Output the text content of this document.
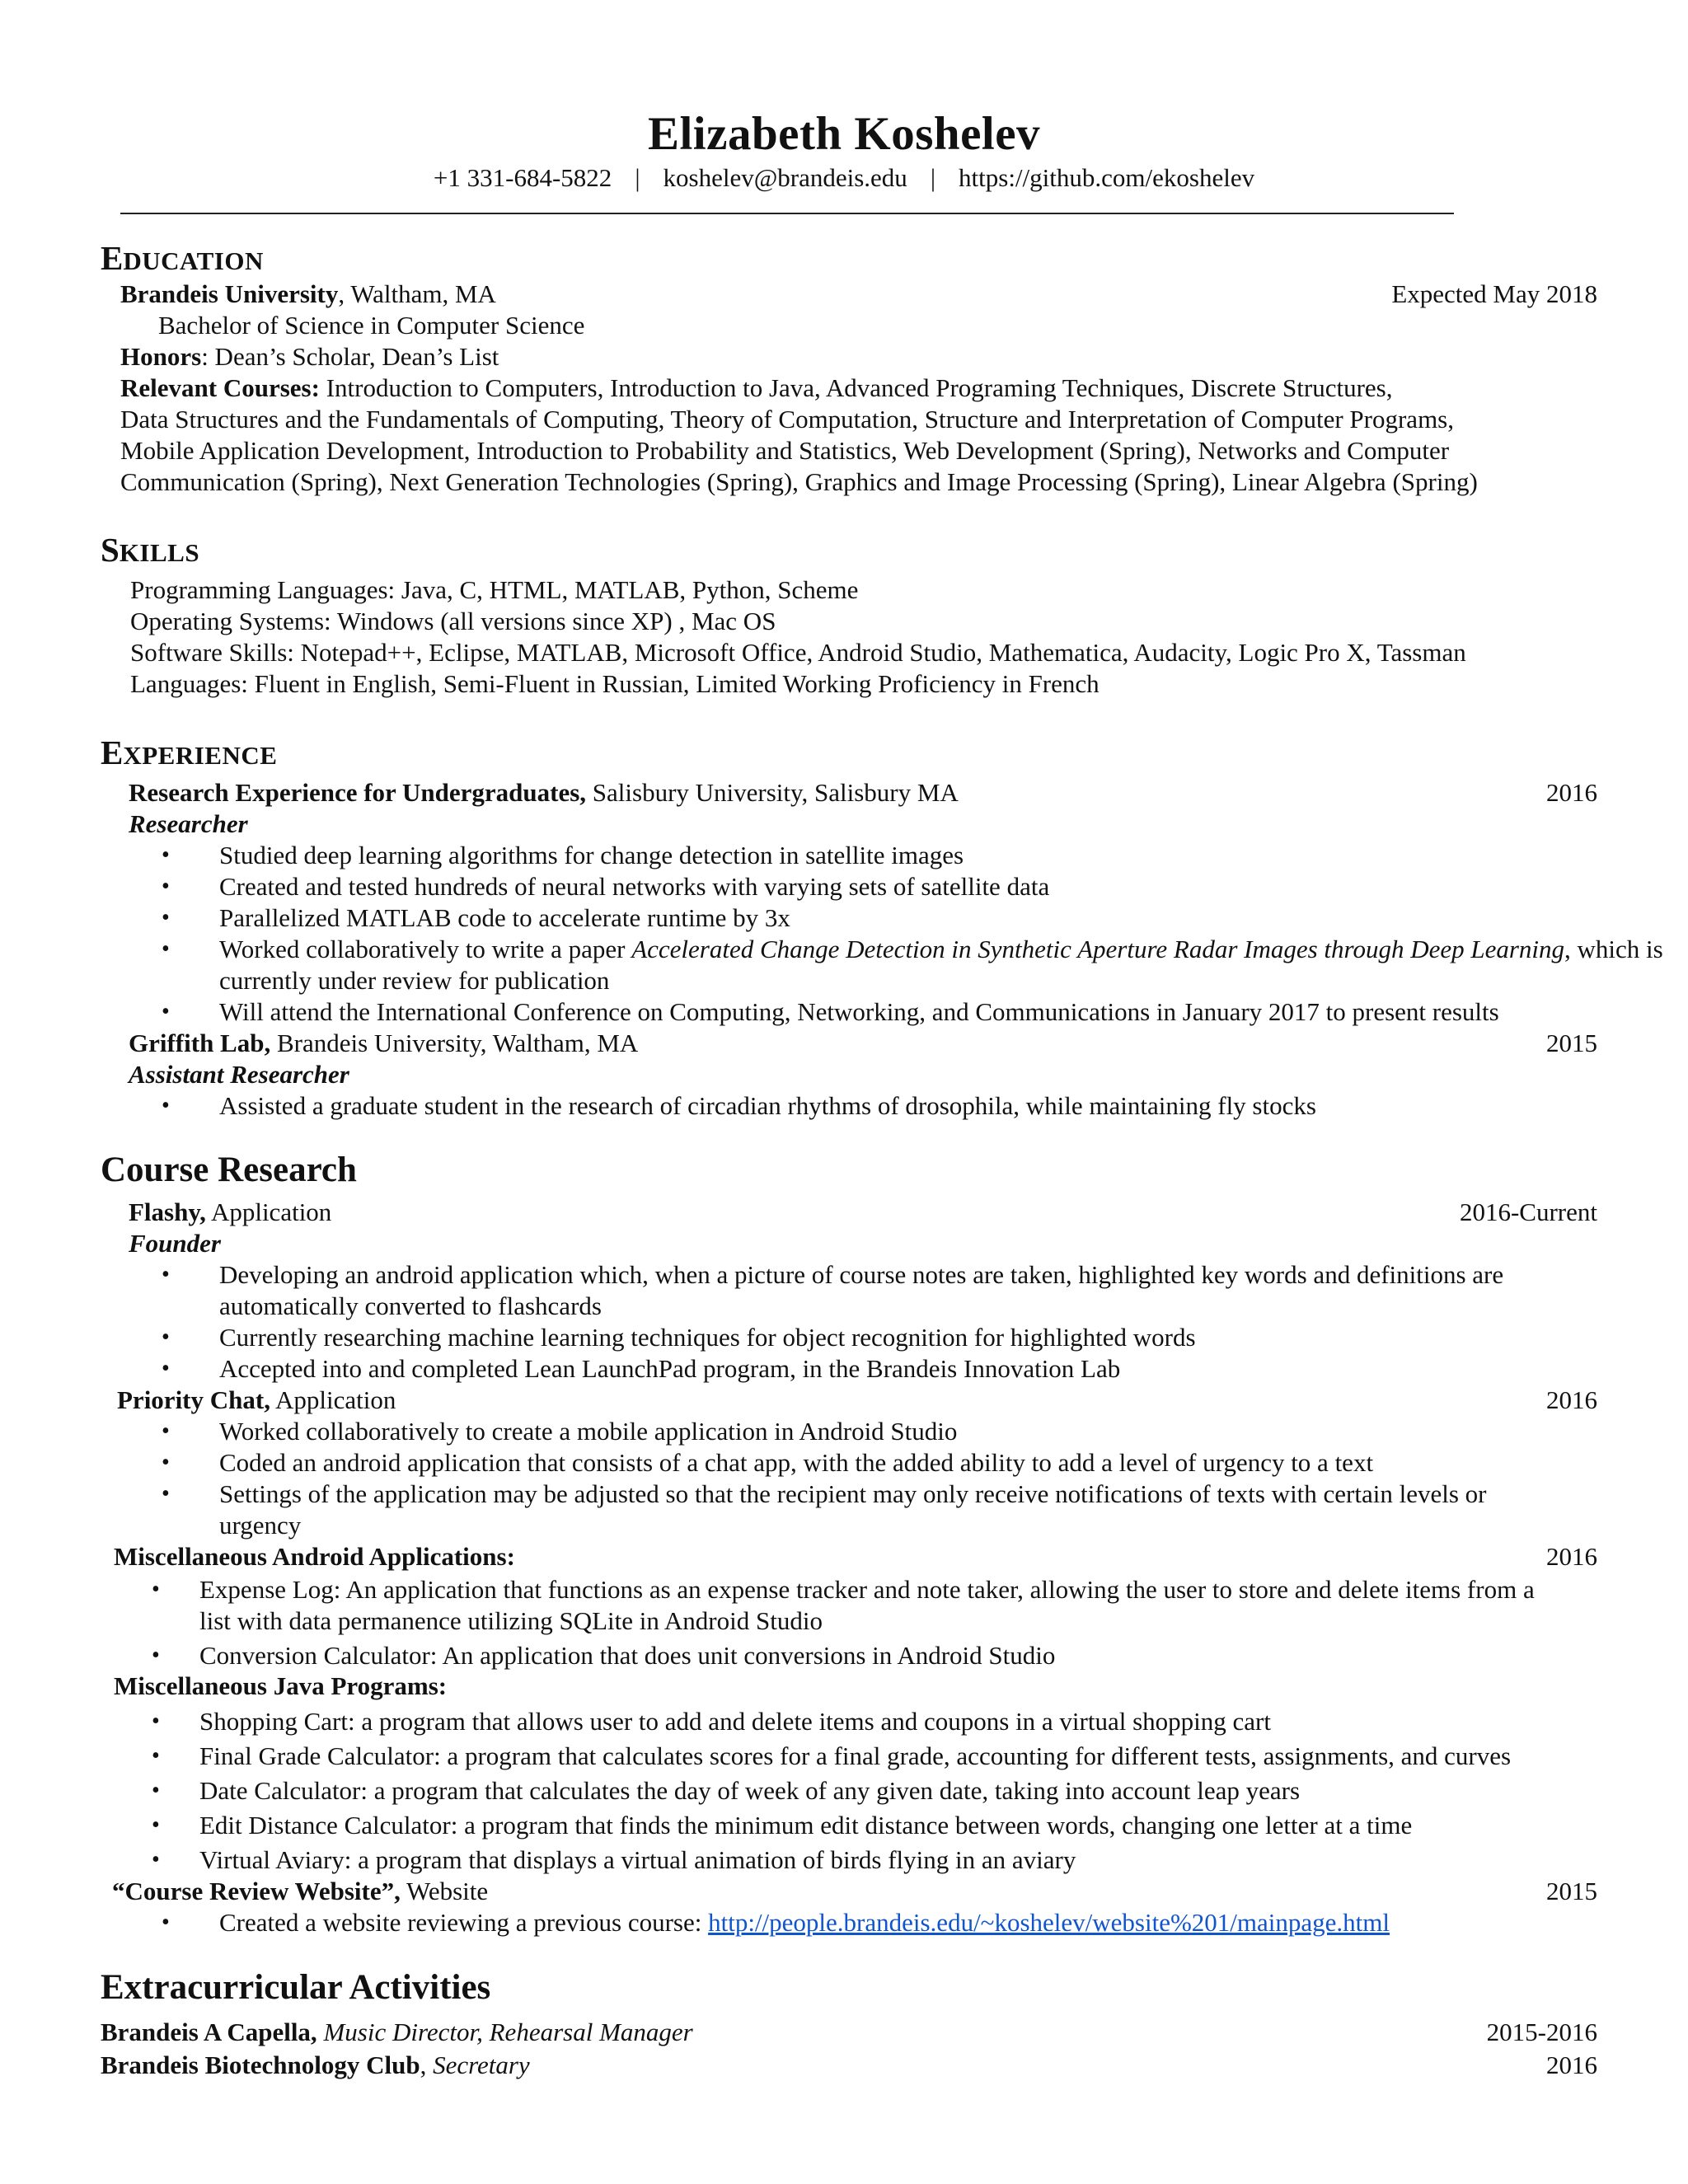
Elizabeth Koshelev
+1 331-684-5822 | koshelev@brandeis.edu | https://github.com/ekoshelev
EDUCATION
Brandeis University, Waltham, MA	Expected May 2018
Bachelor of Science in Computer Science
Honors: Dean’s Scholar, Dean’s List
Relevant Courses: Introduction to Computers, Introduction to Java, Advanced Programing Techniques, Discrete Structures,
Data Structures and the Fundamentals of Computing, Theory of Computation, Structure and Interpretation of Computer Programs,
Mobile Application Development, Introduction to Probability and Statistics, Web Development (Spring), Networks and Computer
Communication (Spring), Next Generation Technologies (Spring), Graphics and Image Processing (Spring), Linear Algebra (Spring)
SKILLS
Programming Languages: Java, C, HTML, MATLAB, Python, Scheme
Operating Systems: Windows (all versions since XP) , Mac OS
Software Skills: Notepad++, Eclipse, MATLAB, Microsoft Office, Android Studio, Mathematica, Audacity, Logic Pro X, Tassman
Languages: Fluent in English, Semi-Fluent in Russian, Limited Working Proficiency in French
EXPERIENCE
Research Experience for Undergraduates, Salisbury University, Salisbury MA	2016
Researcher
• Studied deep learning algorithms for change detection in satellite images
• Created and tested hundreds of neural networks with varying sets of satellite data
• Parallelized MATLAB code to accelerate runtime by 3x
• Worked collaboratively to write a paper Accelerated Change Detection in Synthetic Aperture Radar Images through Deep Learning, which is
currently under review for publication
• Will attend the International Conference on Computing, Networking, and Communications in January 2017 to present results
Griffith Lab, Brandeis University, Waltham, MA	2015
Assistant Researcher
• Assisted a graduate student in the research of circadian rhythms of drosophila, while maintaining fly stocks
Course Research
Flashy, Application	2016-Current
Founder
• Developing an android application which, when a picture of course notes are taken, highlighted key words and definitions are
automatically converted to flashcards
• Currently researching machine learning techniques for object recognition for highlighted words
• Accepted into and completed Lean LaunchPad program, in the Brandeis Innovation Lab
Priority Chat, Application	2016
• Worked collaboratively to create a mobile application in Android Studio
• Coded an android application that consists of a chat app, with the added ability to add a level of urgency to a text
• Settings of the application may be adjusted so that the recipient may only receive notifications of texts with certain levels or
urgency
Miscellaneous Android Applications:	2016
• Expense Log: An application that functions as an expense tracker and note taker, allowing the user to store and delete items from a
list with data permanence utilizing SQLite in Android Studio
• Conversion Calculator: An application that does unit conversions in Android Studio
Miscellaneous Java Programs:
• Shopping Cart: a program that allows user to add and delete items and coupons in a virtual shopping cart
• Final Grade Calculator: a program that calculates scores for a final grade, accounting for different tests, assignments, and curves
• Date Calculator: a program that calculates the day of week of any given date, taking into account leap years
• Edit Distance Calculator: a program that finds the minimum edit distance between words, changing one letter at a time
• Virtual Aviary: a program that displays a virtual animation of birds flying in an aviary
“Course Review Website”, Website	2015
• Created a website reviewing a previous course: http://people.brandeis.edu/~koshelev/website%201/mainpage.html
Extracurricular Activities
Brandeis A Capella, Music Director, Rehearsal Manager	2015-2016
Brandeis Biotechnology Club, Secretary	2016
